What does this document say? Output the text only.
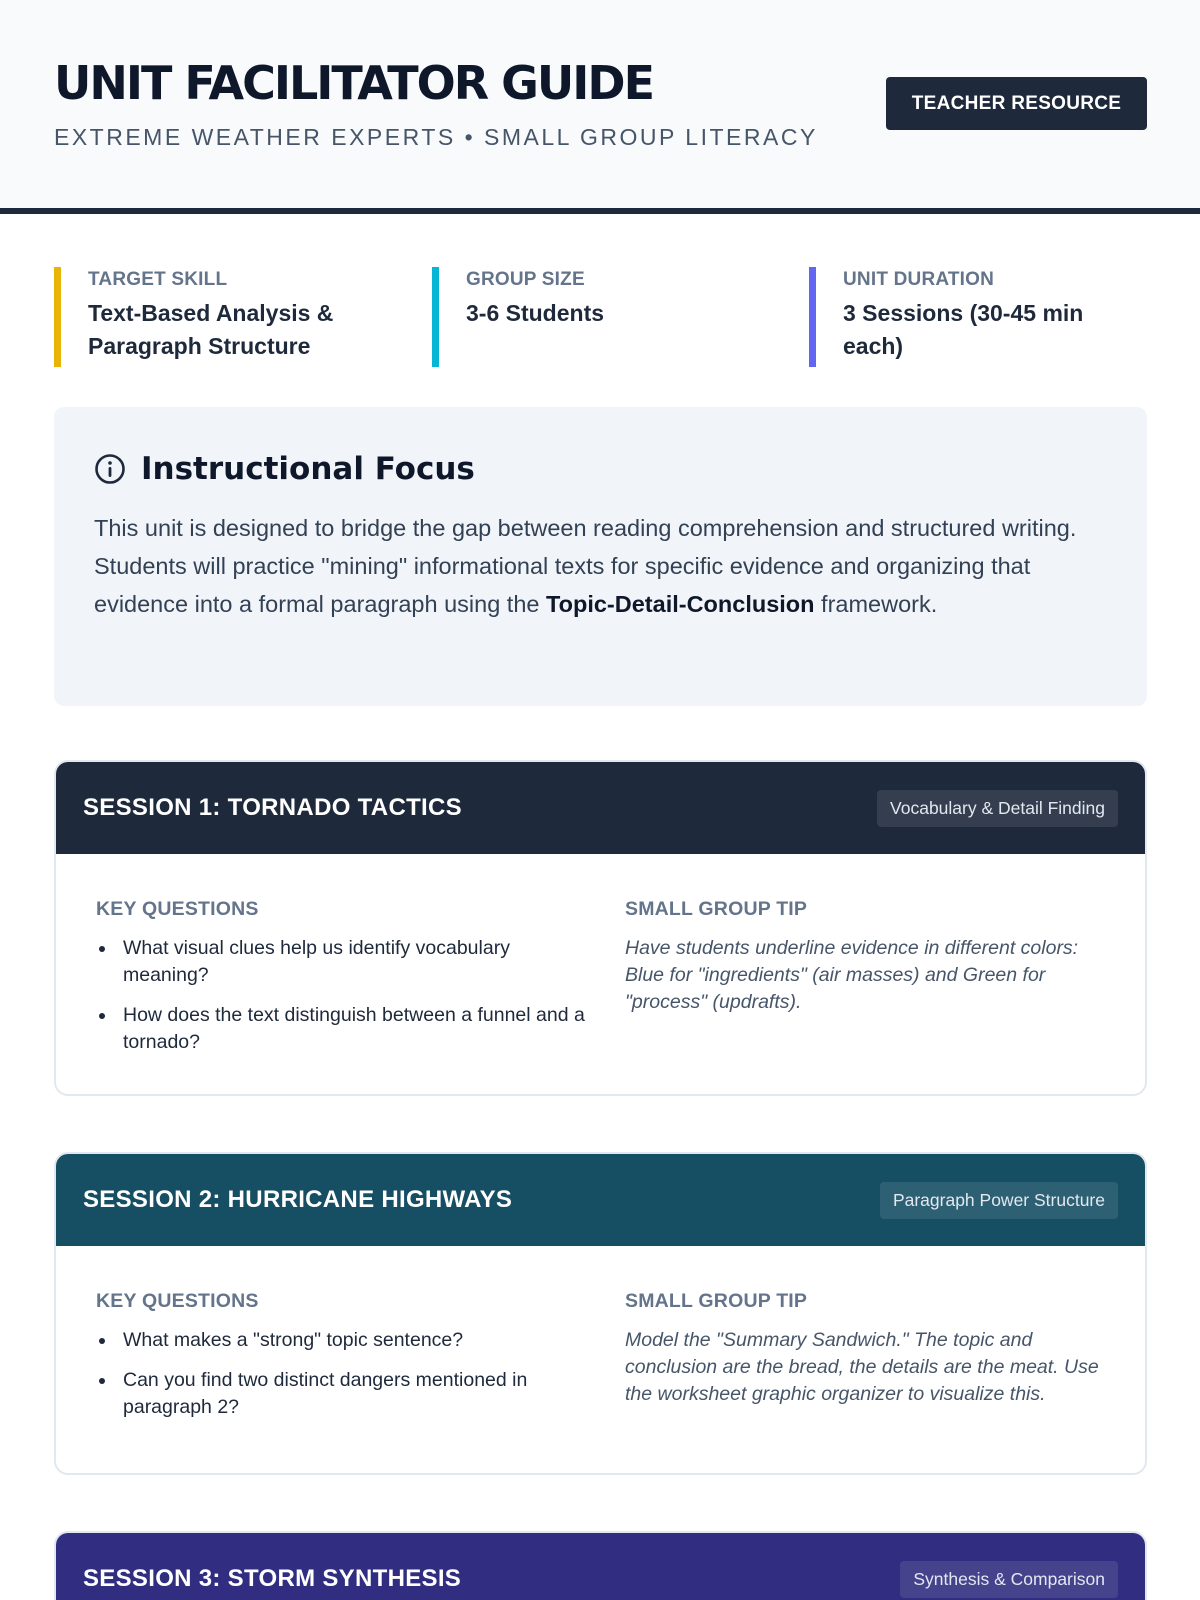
UNIT FACILITATOR GUIDE
EXTREME WEATHER EXPERTS • SMALL GROUP LITERACY
TEACHER RESOURCE
TARGET SKILL
Text-Based Analysis & Paragraph Structure
GROUP SIZE
3-6 Students
UNIT DURATION
3 Sessions (30-45 min each)
Instructional Focus

This unit is designed to bridge the gap between reading comprehension and structured writing. Students will practice "mining" informational texts for specific evidence and organizing that evidence into a formal paragraph using the Topic-Detail-Conclusion framework.

SESSION 1: TORNADO TACTICS	Vocabulary & Detail Finding
KEY QUESTIONS
What visual clues help us identify vocabulary meaning?
How does the text distinguish between a funnel and a tornado?
SMALL GROUP TIP

Have students underline evidence in different colors: Blue for "ingredients" (air masses) and Green for "process" (updrafts).

SESSION 2: HURRICANE HIGHWAYS	Paragraph Power Structure
KEY QUESTIONS
What makes a "strong" topic sentence?
Can you find two distinct dangers mentioned in paragraph 2?
SMALL GROUP TIP

Model the "Summary Sandwich." The topic and conclusion are the bread, the details are the meat. Use the worksheet graphic organizer to visualize this.

SESSION 3: STORM SYNTHESIS	Synthesis & Comparison
